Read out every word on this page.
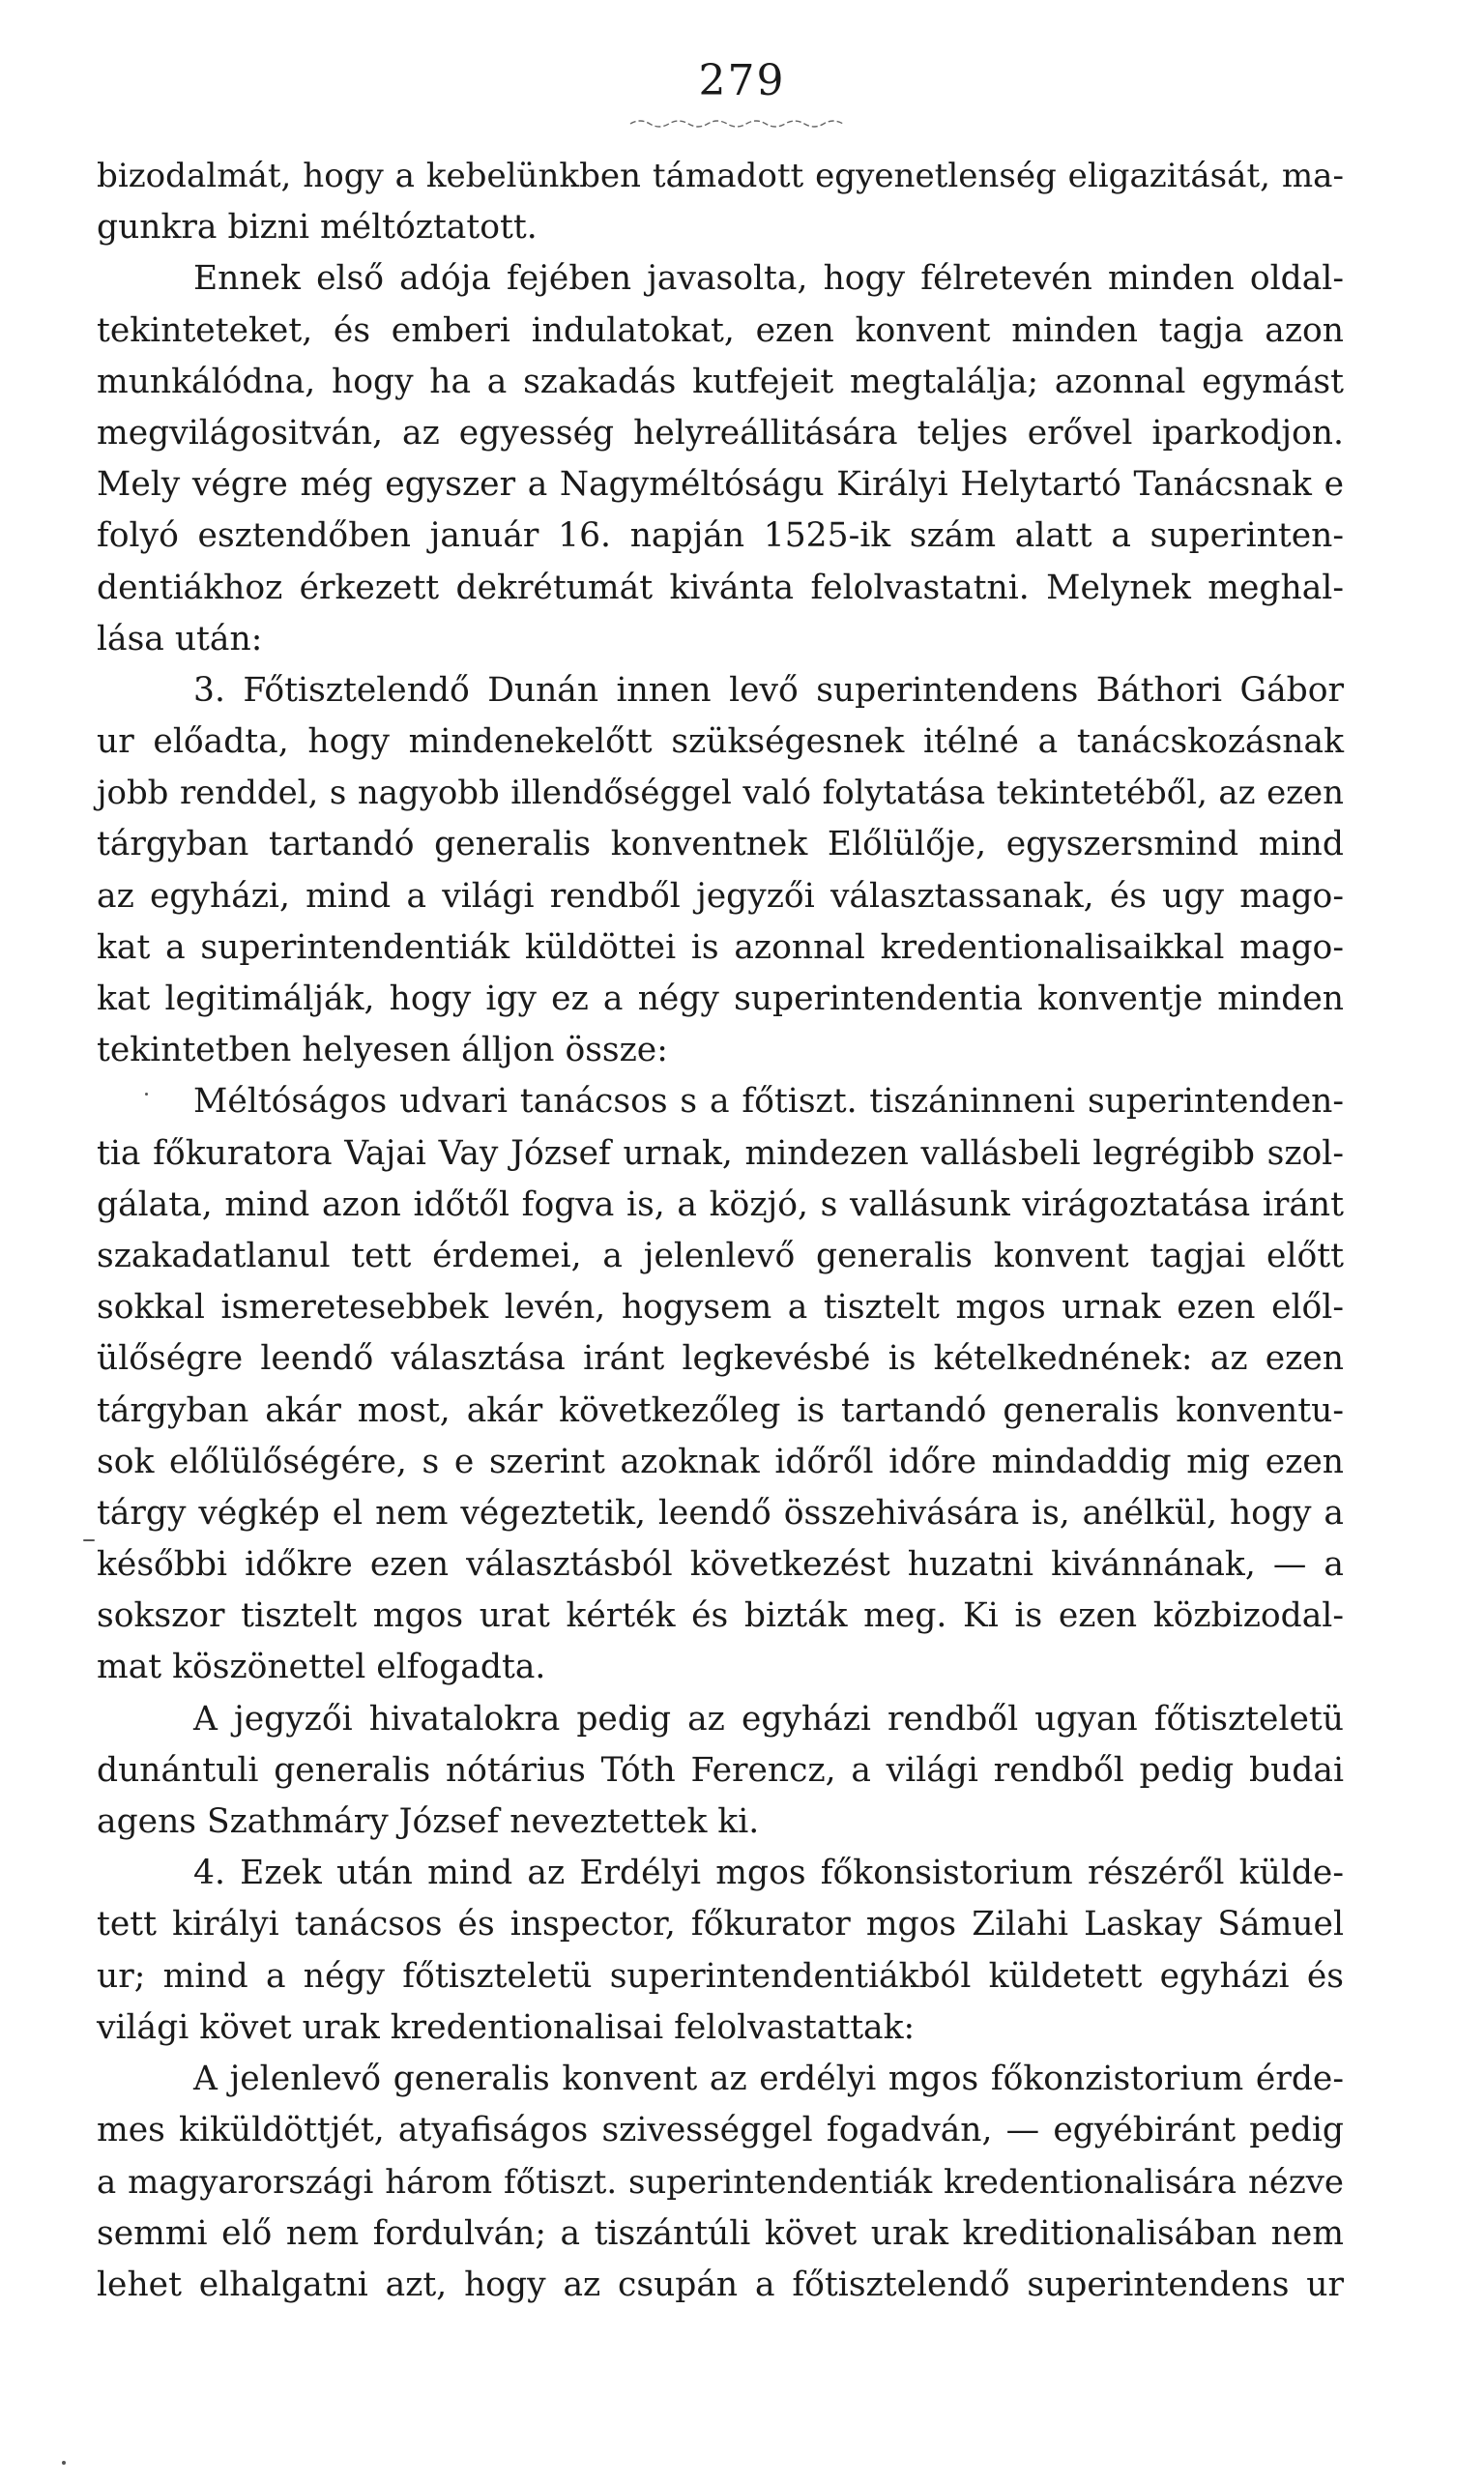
279
bizodalmát, hogy a kebelünkben támadott egyenetlenség eligazitását, ma-
gunkra bizni méltóztatott.
Ennek első adója fejében javasolta, hogy félretevén minden oldal-
tekinteteket, és emberi indulatokat, ezen konvent minden tagja azon
munkálódna, hogy ha a szakadás kutfejeit megtalálja; azonnal egymást
megvilágositván, az egyesség helyreállitására teljes erővel iparkodjon.
Mely végre még egyszer a Nagyméltóságu Királyi Helytartó Tanácsnak e
folyó esztendőben január 16. napján 1525-ik szám alatt a superinten-
dentiákhoz érkezett dekrétumát kivánta felolvastatni. Melynek meghal-
lása után:
3. Főtisztelendő Dunán innen levő superintendens Báthori Gábor
ur előadta, hogy mindenekelőtt szükségesnek itélné a tanácskozásnak
jobb renddel, s nagyobb illendőséggel való folytatása tekintetéből, az ezen
tárgyban tartandó generalis konventnek Előlülője, egyszersmind mind
az egyházi, mind a világi rendből jegyzői választassanak, és ugy mago-
kat a superintendentiák küldöttei is azonnal kredentionalisaikkal mago-
kat legitimálják, hogy igy ez a négy superintendentia konventje minden
tekintetben helyesen álljon össze:
Méltóságos udvari tanácsos s a főtiszt. tiszáninneni superintenden-
tia főkuratora Vajai Vay József urnak, mindezen vallásbeli legrégibb szol-
gálata, mind azon időtől fogva is, a közjó, s vallásunk virágoztatása iránt
szakadatlanul tett érdemei, a jelenlevő generalis konvent tagjai előtt
sokkal ismeretesebbek levén, hogysem a tisztelt mgos urnak ezen elől-
ülőségre leendő választása iránt legkevésbé is kételkednének: az ezen
tárgyban akár most, akár következőleg is tartandó generalis konventu-
sok előlülőségére, s e szerint azoknak időről időre mindaddig mig ezen
tárgy végkép el nem végeztetik, leendő összehivására is, anélkül, hogy a
későbbi időkre ezen választásból következést huzatni kivánnának, — a
sokszor tisztelt mgos urat kérték és bizták meg. Ki is ezen közbizodal-
mat köszönettel elfogadta.
A jegyzői hivatalokra pedig az egyházi rendből ugyan főtiszteletü
dunántuli generalis nótárius Tóth Ferencz, a világi rendből pedig budai
agens Szathmáry József neveztettek ki.
4. Ezek után mind az Erdélyi mgos főkonsistorium részéről külde-
tett királyi tanácsos és inspector, főkurator mgos Zilahi Laskay Sámuel
ur; mind a négy főtiszteletü superintendentiákból küldetett egyházi és
világi követ urak kredentionalisai felolvastattak:
A jelenlevő generalis konvent az erdélyi mgos főkonzistorium érde-
mes kiküldöttjét, atyafiságos szivességgel fogadván, — egyébiránt pedig
a magyarországi három főtiszt. superintendentiák kredentionalisára nézve
semmi elő nem fordulván; a tiszántúli követ urak kreditionalisában nem
lehet elhalgatni azt, hogy az csupán a főtisztelendő superintendens ur
